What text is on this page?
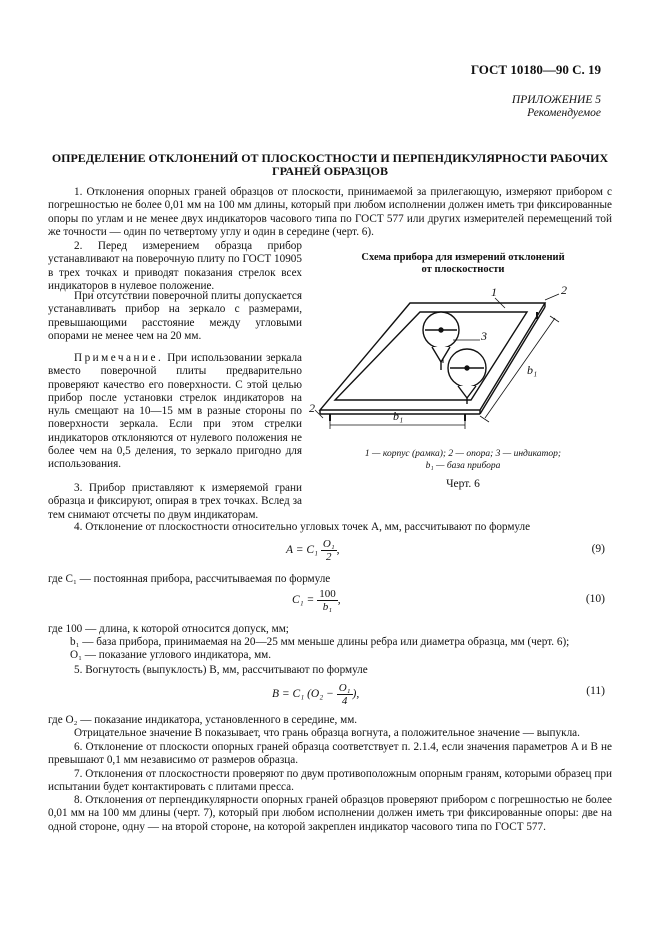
ГОСТ 10180—90 С. 19
ПРИЛОЖЕНИЕ 5
Рекомендуемое
ОПРЕДЕЛЕНИЕ ОТКЛОНЕНИЙ ОТ ПЛОСКОСТНОСТИ И ПЕРПЕНДИКУЛЯРНОСТИ РАБОЧИХ
ГРАНЕЙ ОБРАЗЦОВ
1. Отклонения опорных граней образцов от плоскости, принимаемой за прилегающую, измеряют прибором с погрешностью не более 0,01 мм на 100 мм длины, который при любом исполнении должен иметь три фиксированные опоры по углам и не менее двух индикаторов часового типа по ГОСТ 577 или других измерителей перемещений той же точности — один по четвертому углу и один в середине (черт. 6).
2. Перед измерением образца прибор устанавливают на поверочную плиту по ГОСТ 10905 в трех точках и приводят показания стрелок всех индикаторов в нулевое положение.
При отсутствии поверочной плиты допускается устанавливать прибор на зеркало с размерами, превышающими расстояние между угловыми опорами не менее чем на 20 мм.
Примечание. При использовании зеркала вместо поверочной плиты предварительно проверяют качество его поверхности. С этой целью прибор после установки стрелок индикаторов на нуль смещают на 10—15 мм в разные стороны по поверхности зеркала. Если при этом стрелки индикаторов отклоняются от нулевого положения не более чем на 0,5 деления, то зеркало пригодно для использования.
Схема прибора для измерений отклонений
от плоскостности
1	2
2
3
b₁
b₁
1 — корпус (рамка); 2 — опора; 3 — индикатор;
b₁ — база прибора
Черт. 6
3. Прибор приставляют к измеряемой грани образца и фиксируют, опирая в трех точках. Вслед за тем снимают отсчеты по двум индикаторам.
4. Отклонение от плоскостности относительно угловых точек A, мм, рассчитывают по формуле
$A = C_1 \frac{\text{O₁}}{2}$ ,	(9)
где C₁ — постоянная прибора, рассчитываемая по формуле
$C_1 = \frac{100}{\text{b₁}}$ ,	(10)
где 100 — длина, к которой относится допуск, мм;
b₁ — база прибора, принимаемая на 20—25 мм меньше длины ребра или диаметра образца, мм (черт. 6);
O₁ — показание углового индикатора, мм.
5. Вогнутость (выпуклость) B, мм, рассчитывают по формуле
B = C₁ ($O_2 - \frac{\text{O₁}}{4}$ ),	(11)
где O₂ — показание индикатора, установленного в середине, мм.
Отрицательное значение B показывает, что грань образца вогнута, а положительное значение — выпукла.
6. Отклонение от плоскости опорных граней образца соответствует п. 2.1.4, если значения параметров A и B не превышают 0,1 мм независимо от размеров образца.
7. Отклонения от плоскостности проверяют по двум противоположным опорным граням, которыми образец при испытании будет контактировать с плитами пресса.
8. Отклонения от перпендикулярности опорных граней образцов проверяют прибором с погрешностью не более 0,01 мм на 100 мм длины (черт. 7), который при любом исполнении должен иметь три фиксированные опоры: две на одной стороне, одну — на второй стороне, на которой закреплен индикатор часового типа по ГОСТ 577.
